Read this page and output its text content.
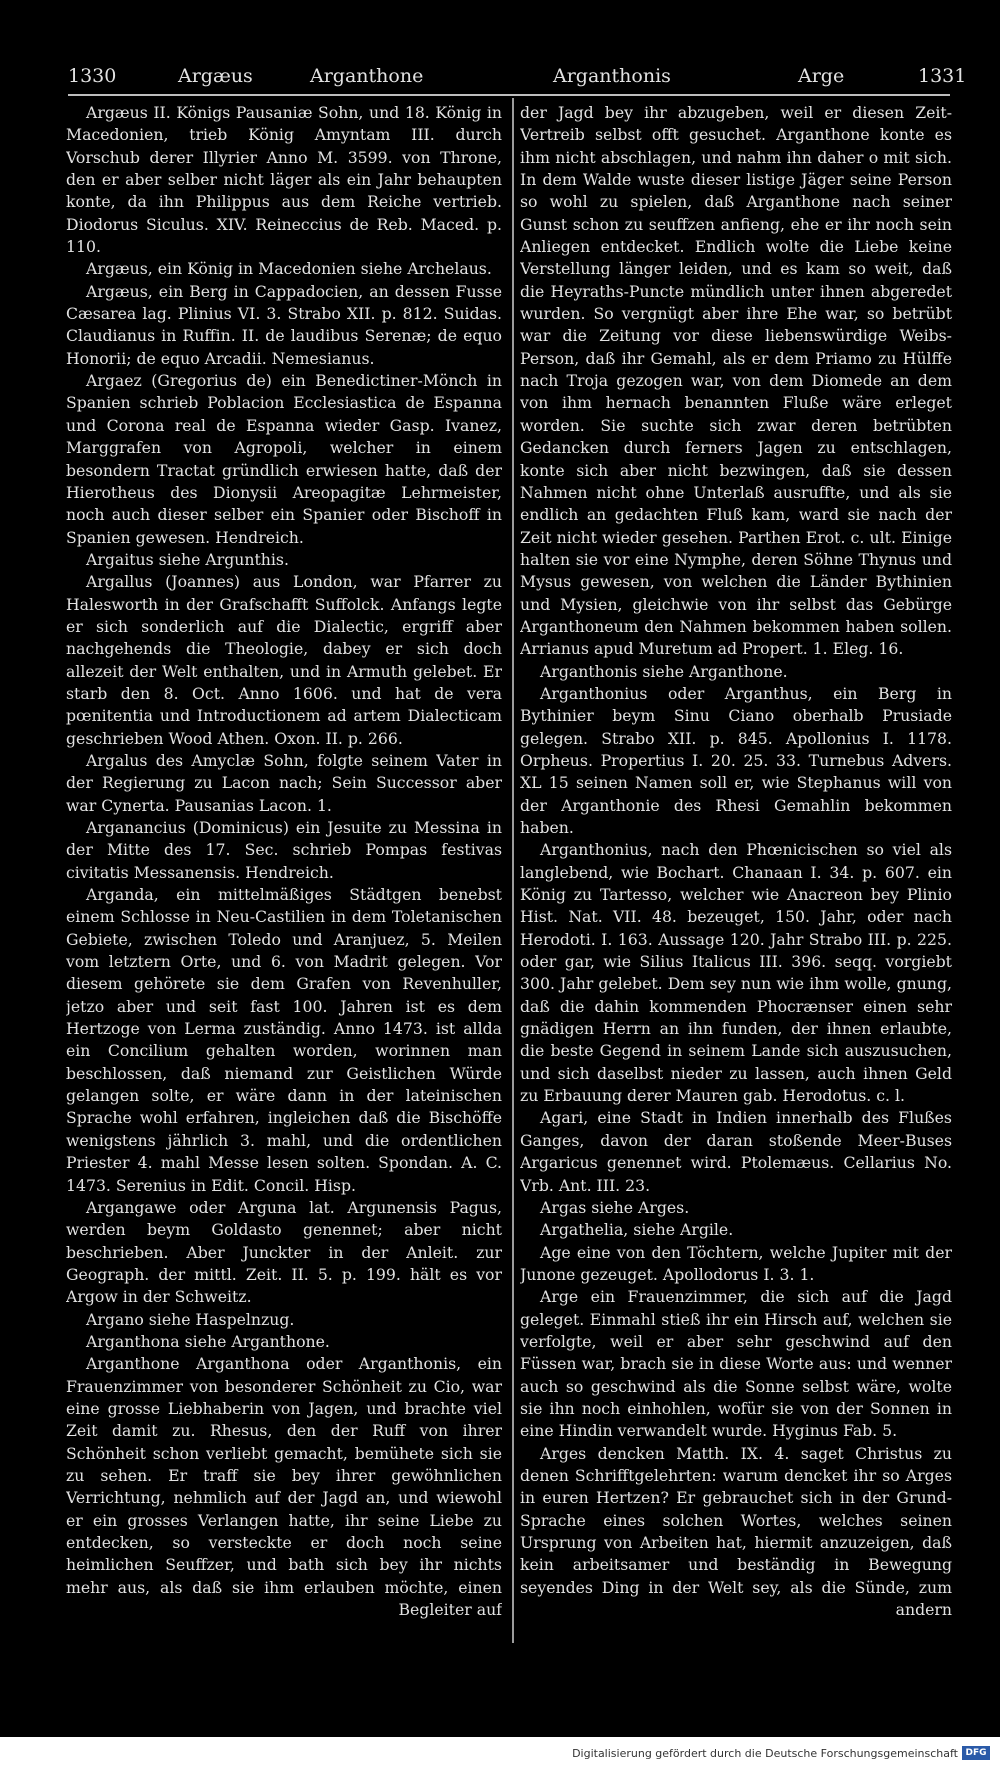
1330	Argæus	Arganthone	Arganthonis	Arge	1331

Argæus II. Königs Pausaniæ Sohn, und 18. König in Macedonien, trieb König Amyntam III. durch Vorschub derer Illyrier Anno M. 3599. von Throne, den er aber selber nicht läger als ein Jahr behaupten konte, da ihn Philippus aus dem Reiche vertrieb. Diodorus Siculus. XIV. Reineccius de Reb. Maced. p. 110.

Argæus, ein König in Macedonien siehe Archelaus.

Argæus, ein Berg in Cappadocien, an dessen Fusse Cæsarea lag. Plinius VI. 3. Strabo XII. p. 812. Suidas. Claudianus in Ruffin. II. de laudibus Serenæ; de equo Honorii; de equo Arcadii. Nemesianus.

Argaez (Gregorius de) ein Benedictiner-Mönch in Spanien schrieb Poblacion Ecclesiastica de Espanna und Corona real de Espanna wieder Gasp. Ivanez, Marggrafen von Agropoli, welcher in einem besondern Tractat gründlich erwiesen hatte, daß der Hierotheus des Dionysii Areopagitæ Lehrmeister, noch auch dieser selber ein Spanier oder Bischoff in Spanien gewesen. Hendreich.

Argaitus siehe Argunthis.

Argallus (Joannes) aus London, war Pfarrer zu Halesworth in der Grafschafft Suffolck. Anfangs legte er sich sonderlich auf die Dialectic, ergriff aber nachgehends die Theologie, dabey er sich doch allezeit der Welt enthalten, und in Armuth gelebet. Er starb den 8. Oct. Anno 1606. und hat de vera pœnitentia und Introductionem ad artem Dialecticam geschrieben Wood Athen. Oxon. II. p. 266.

Argalus des Amyclæ Sohn, folgte seinem Vater in der Regierung zu Lacon nach; Sein Successor aber war Cynerta. Pausanias Lacon. 1.

Arganancius (Dominicus) ein Jesuite zu Messina in der Mitte des 17. Sec. schrieb Pompas festivas civitatis Messanensis. Hendreich.

Arganda, ein mittelmäßiges Städtgen benebst einem Schlosse in Neu-Castilien in dem Toletanischen Gebiete, zwischen Toledo und Aranjuez, 5. Meilen vom letztern Orte, und 6. von Madrit gelegen. Vor diesem gehörete sie dem Grafen von Revenhuller, jetzo aber und seit fast 100. Jahren ist es dem Hertzoge von Lerma zuständig. Anno 1473. ist allda ein Concilium gehalten worden, worinnen man beschlossen, daß niemand zur Geistlichen Würde gelangen solte, er wäre dann in der lateinischen Sprache wohl erfahren, ingleichen daß die Bischöffe wenigstens jährlich 3. mahl, und die ordentlichen Priester 4. mahl Messe lesen solten. Spondan. A. C. 1473. Serenius in Edit. Concil. Hisp.

Argangawe oder Arguna lat. Argunensis Pagus, werden beym Goldasto genennet; aber nicht beschrieben. Aber Junckter in der Anleit. zur Geograph. der mittl. Zeit. II. 5. p. 199. hält es vor Argow in der Schweitz.

Argano siehe Haspelnzug.

Arganthona siehe Arganthone.

Arganthone Arganthona oder Arganthonis, ein Frauenzimmer von besonderer Schönheit zu Cio, war eine grosse Liebhaberin von Jagen, und brachte viel Zeit damit zu. Rhesus, den der Ruff von ihrer Schönheit schon verliebt gemacht, bemühete sich sie zu sehen. Er traff sie bey ihrer gewöhnlichen Verrichtung, nehmlich auf der Jagd an, und wiewohl er ein grosses Verlangen hatte, ihr seine Liebe zu entdecken, so versteckte er doch noch seine heimlichen Seuffzer, und bath sich bey ihr nichts mehr aus, als daß sie ihm erlauben möchte, einen Begleiter auf

der Jagd bey ihr abzugeben, weil er diesen Zeit-Vertreib selbst offt gesuchet. Arganthone konte es ihm nicht abschlagen, und nahm ihn daher o mit sich. In dem Walde wuste dieser listige Jäger seine Person so wohl zu spielen, daß Arganthone nach seiner Gunst schon zu seuffzen anfieng, ehe er ihr noch sein Anliegen entdecket. Endlich wolte die Liebe keine Verstellung länger leiden, und es kam so weit, daß die Heyraths-Puncte mündlich unter ihnen abgeredet wurden. So vergnügt aber ihre Ehe war, so betrübt war die Zeitung vor diese liebenswürdige Weibs-Person, daß ihr Gemahl, als er dem Priamo zu Hülffe nach Troja gezogen war, von dem Diomede an dem von ihm hernach benannten Fluße wäre erleget worden. Sie suchte sich zwar deren betrübten Gedancken durch ferners Jagen zu entschlagen, konte sich aber nicht bezwingen, daß sie dessen Nahmen nicht ohne Unterlaß ausruffte, und als sie endlich an gedachten Fluß kam, ward sie nach der Zeit nicht wieder gesehen. Parthen Erot. c. ult. Einige halten sie vor eine Nymphe, deren Söhne Thynus und Mysus gewesen, von welchen die Länder Bythinien und Mysien, gleichwie von ihr selbst das Gebürge Arganthoneum den Nahmen bekommen haben sollen. Arrianus apud Muretum ad Propert. 1. Eleg. 16.

Arganthonis siehe Arganthone.

Arganthonius oder Arganthus, ein Berg in Bythinier beym Sinu Ciano oberhalb Prusiade gelegen. Strabo XII. p. 845. Apollonius I. 1178. Orpheus. Propertius I. 20. 25. 33. Turnebus Advers. XL 15 seinen Namen soll er, wie Stephanus will von der Arganthonie des Rhesi Gemahlin bekommen haben.

Arganthonius, nach den Phœnicischen so viel als langlebend, wie Bochart. Chanaan I. 34. p. 607. ein König zu Tartesso, welcher wie Anacreon bey Plinio Hist. Nat. VII. 48. bezeuget, 150. Jahr, oder nach Herodoti. I. 163. Aussage 120. Jahr Strabo III. p. 225. oder gar, wie Silius Italicus III. 396. seqq. vorgiebt 300. Jahr gelebet. Dem sey nun wie ihm wolle, gnung, daß die dahin kommenden Phocrænser einen sehr gnädigen Herrn an ihn funden, der ihnen erlaubte, die beste Gegend in seinem Lande sich auszusuchen, und sich daselbst nieder zu lassen, auch ihnen Geld zu Erbauung derer Mauren gab. Herodotus. c. l.

Agari, eine Stadt in Indien innerhalb des Flußes Ganges, davon der daran stoßende Meer-Buses Argaricus genennet wird. Ptolemæus. Cellarius No. Vrb. Ant. III. 23.

Argas siehe Arges.

Argathelia, siehe Argile.

Age eine von den Töchtern, welche Jupiter mit der Junone gezeuget. Apollodorus I. 3. 1.

Arge ein Frauenzimmer, die sich auf die Jagd geleget. Einmahl stieß ihr ein Hirsch auf, welchen sie verfolgte, weil er aber sehr geschwind auf den Füssen war, brach sie in diese Worte aus: und wenner auch so geschwind als die Sonne selbst wäre, wolte sie ihn noch einhohlen, wofür sie von der Sonnen in eine Hindin verwandelt wurde. Hyginus Fab. 5.

Arges dencken Matth. IX. 4. saget Christus zu denen Schrifftgelehrten: warum dencket ihr so Arges in euren Hertzen? Er gebrauchet sich in der Grund-Sprache eines solchen Wortes, welches seinen Ursprung von Arbeiten hat, hiermit anzuzeigen, daß kein arbeitsamer und beständig in Bewegung seyendes Ding in der Welt sey, als die Sünde, zum andern

Digitalisierung gefördert durch die Deutsche Forschungsgemeinschaft DFG
